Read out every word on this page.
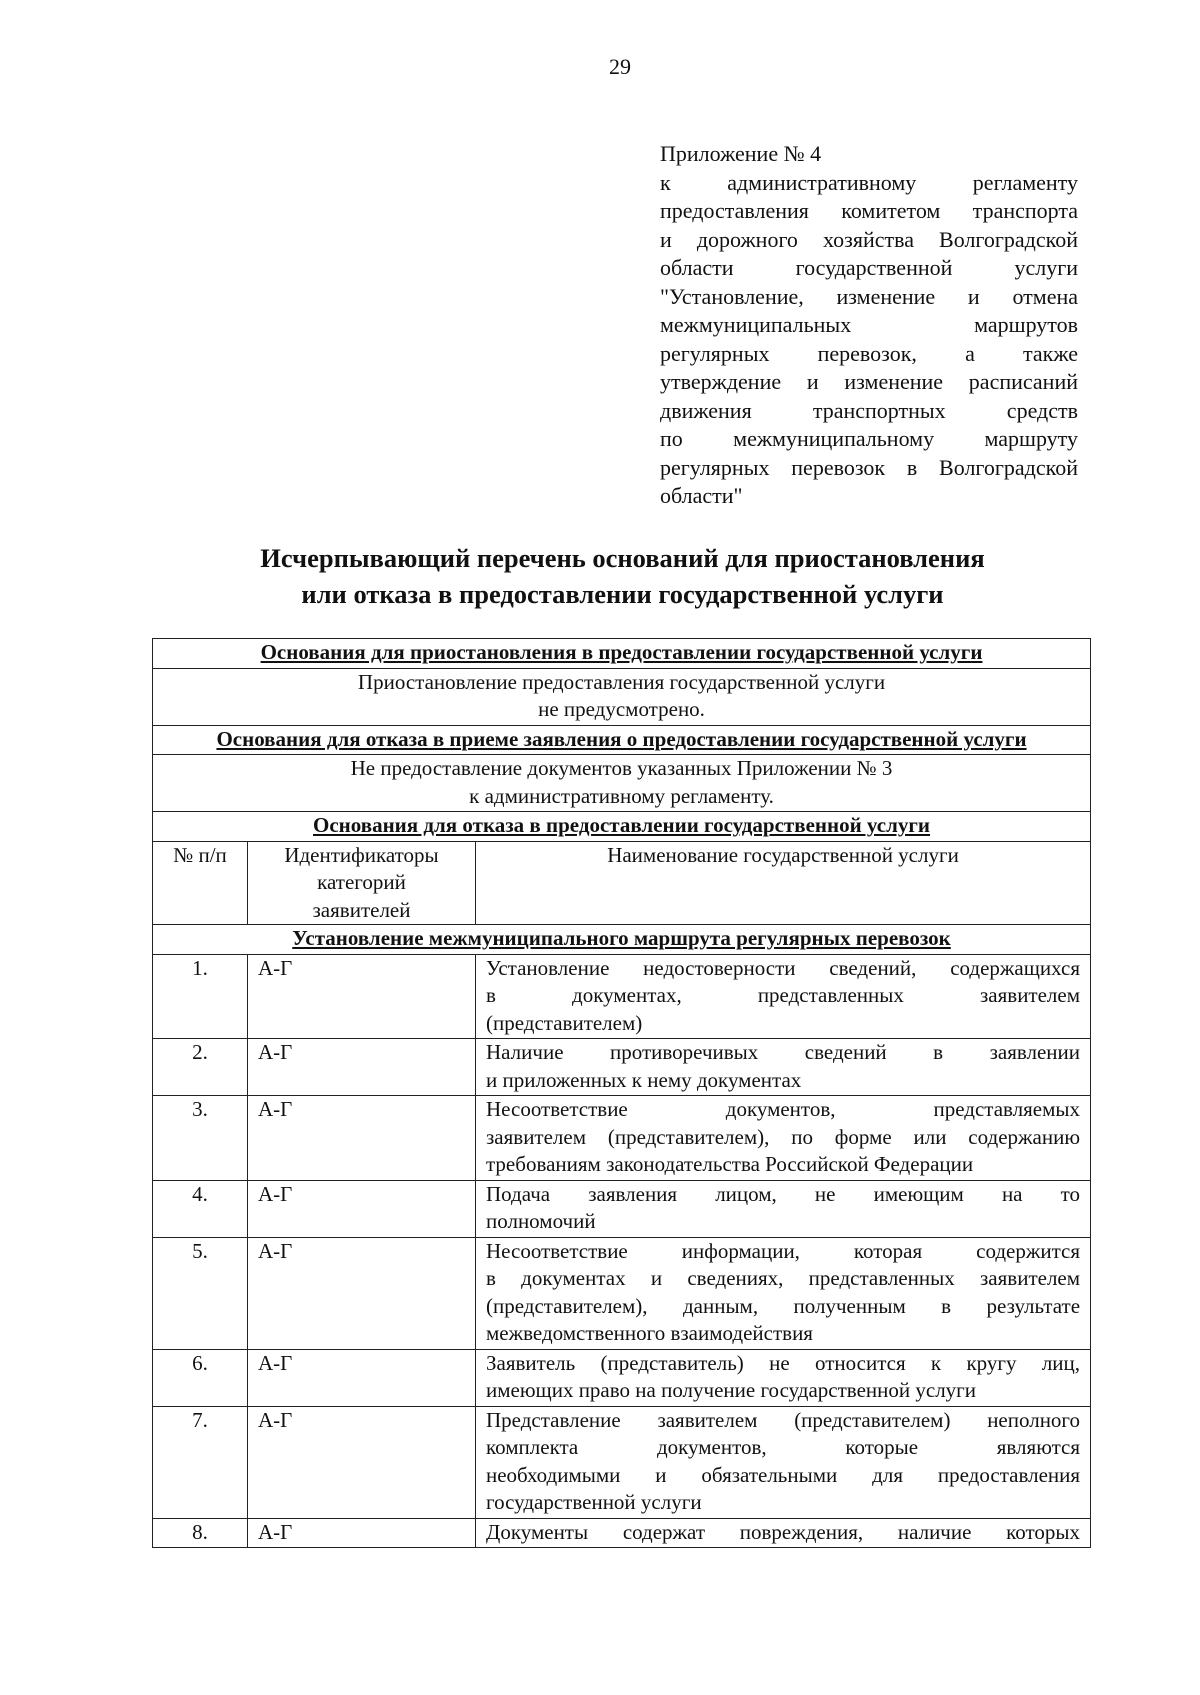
29
Приложение № 4
к административному регламенту
предоставления комитетом транспорта
и дорожного хозяйства Волгоградской
области государственной услуги
"Установление, изменение и отмена
межмуниципальных маршрутов
регулярных перевозок, а также
утверждение и изменение расписаний
движения транспортных средств
по межмуниципальному маршруту
регулярных перевозок в Волгоградской
области"
Исчерпывающий перечень оснований для приостановления
или отказа в предоставлении государственной услуги
Основания для приостановления в предоставлении государственной услуги		

Приостановление предоставления государственной услуги
не предусмотрено.		

Основания для отказа в приеме заявления о предоставлении государственной услуги		

Не предоставление документов указанных Приложении № 3
к административному регламенту.		

Основания для отказа в предоставлении государственной услуги		
№ п/п	Идентификаторы категорий заявителей	Наименование государственной услуги
Установление межмуниципального маршрута регулярных перевозок		
1.	А-Г	Установление недостоверности сведений, содержащихся
в документах, представленных заявителем
(представителем)

2.	А-Г	Наличие противоречивых сведений в заявлении
и приложенных к нему документах

3.	А-Г	Несоответствие документов, представляемых
заявителем (представителем), по форме или содержанию
требованиям законодательства Российской Федерации

4.	А-Г	Подача заявления лицом, не имеющим на то
полномочий

5.	А-Г	Несоответствие информации, которая содержится
в документах и сведениях, представленных заявителем
(представителем), данным, полученным в результате
межведомственного взаимодействия

6.	А-Г	Заявитель (представитель) не относится к кругу лиц,
имеющих право на получение государственной услуги

7.	А-Г	Представление заявителем (представителем) неполного
комплекта документов, которые являются
необходимыми и обязательными для предоставления
государственной услуги

8.	А-Г	Документы содержат повреждения, наличие которых
